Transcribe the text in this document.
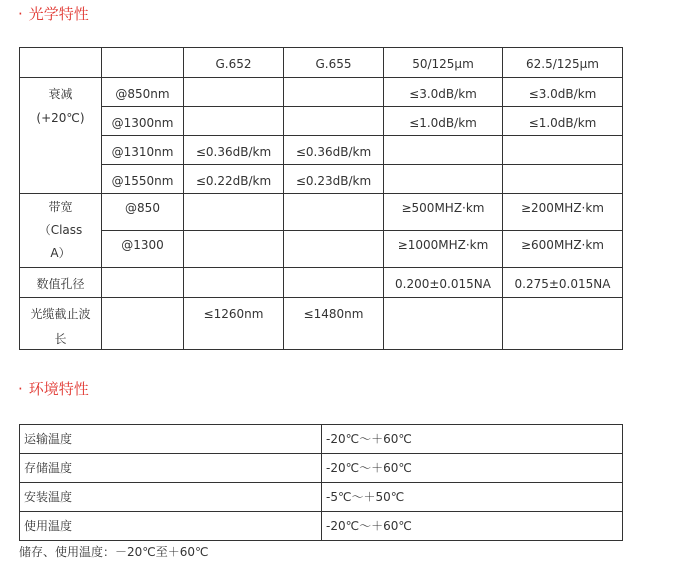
· 光学特性
		G.652	G.655	50/125μm	62.5/125μm

衰减
(+20℃)	@850nm			≤3.0dB/km	≤3.0dB/km
	@1300nm			≤1.0dB/km	≤1.0dB/km
	@1310nm	≤0.36dB/km	≤0.36dB/km		
	@1550nm	≤0.22dB/km	≤0.23dB/km		

带宽
（Class
A）	@850			≥500MHZ·km	≥200MHZ·km
	@1300			≥1000MHZ·km	≥600MHZ·km
数值孔径				0.200±0.015NA	0.275±0.015NA

光缆截止波
长		≤1260nm	≤1480nm		
· 环境特性
运输温度	-20℃～＋60℃
存储温度	-20℃～＋60℃
安装温度	-5℃～＋50℃
使用温度	-20℃～＋60℃
储存、使用温度：－20℃至＋60℃
